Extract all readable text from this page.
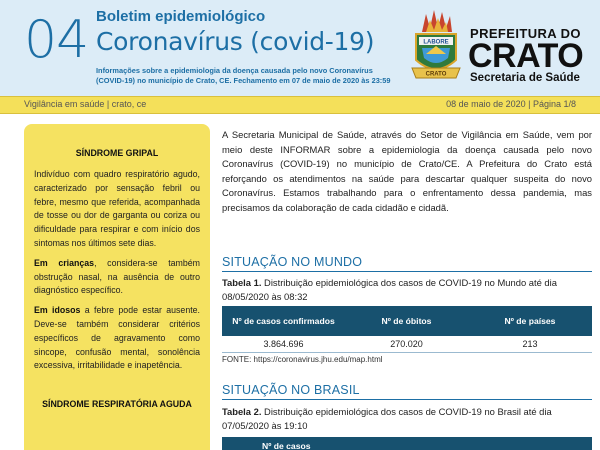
04 Boletim epidemiológico
Coronavírus (covid-19)
Informações sobre a epidemiologia da doença causada pelo novo Coronavírus (COVID-19) no município de Crato, CE. Fechamento em 07 de maio de 2020 às 23:59
LABORE
CRATO
PREFEITURA DO
CRATO
Secretaria de Saúde
Vigilância em saúde | crato, ce	08 de maio de 2020 | Página 1/8
SÍNDROME GRIPAL

Indivíduo com quadro respiratório agudo, caracterizado por sensação febril ou febre, mesmo que referida, acompanhada de tosse ou dor de garganta ou coriza ou dificuldade para respirar e com início dos sintomas nos últimos sete dias.

Em crianças, considera-se também obstrução nasal, na ausência de outro diagnóstico específico.

Em idosos a febre pode estar ausente. Deve-se também considerar critérios específicos de agravamento como sincope, confusão mental, sonolência excessiva, irritabilidade e inapetência.

SÍNDROME RESPIRATÓRIA AGUDA

A Secretaria Municipal de Saúde, através do Setor de Vigilância em Saúde, vem por meio deste INFORMAR sobre a epidemiologia da doença causada pelo novo Coronavírus (COVID-19) no município de Crato/CE. A Prefeitura do Crato está reforçando os atendimentos na saúde para descartar qualquer suspeita do novo Coronavírus. Estamos trabalhando para o enfrentamento dessa pandemia, mas precisamos da colaboração de cada cidadão e cidadã.

SITUAÇÃO NO MUNDO
Tabela 1. Distribuição epidemiológica dos casos de COVID-19 no Mundo até dia 08/05/2020 às 08:32
Nº de casos confirmados	Nº de óbitos	Nº de países
3.864.696	270.020	213
FONTE: https://coronavirus.jhu.edu/map.html
SITUAÇÃO NO BRASIL
Tabela 2. Distribuição epidemiológica dos casos de COVID-19 no Brasil até dia 07/05/2020 às 19:10
Nº de casos
